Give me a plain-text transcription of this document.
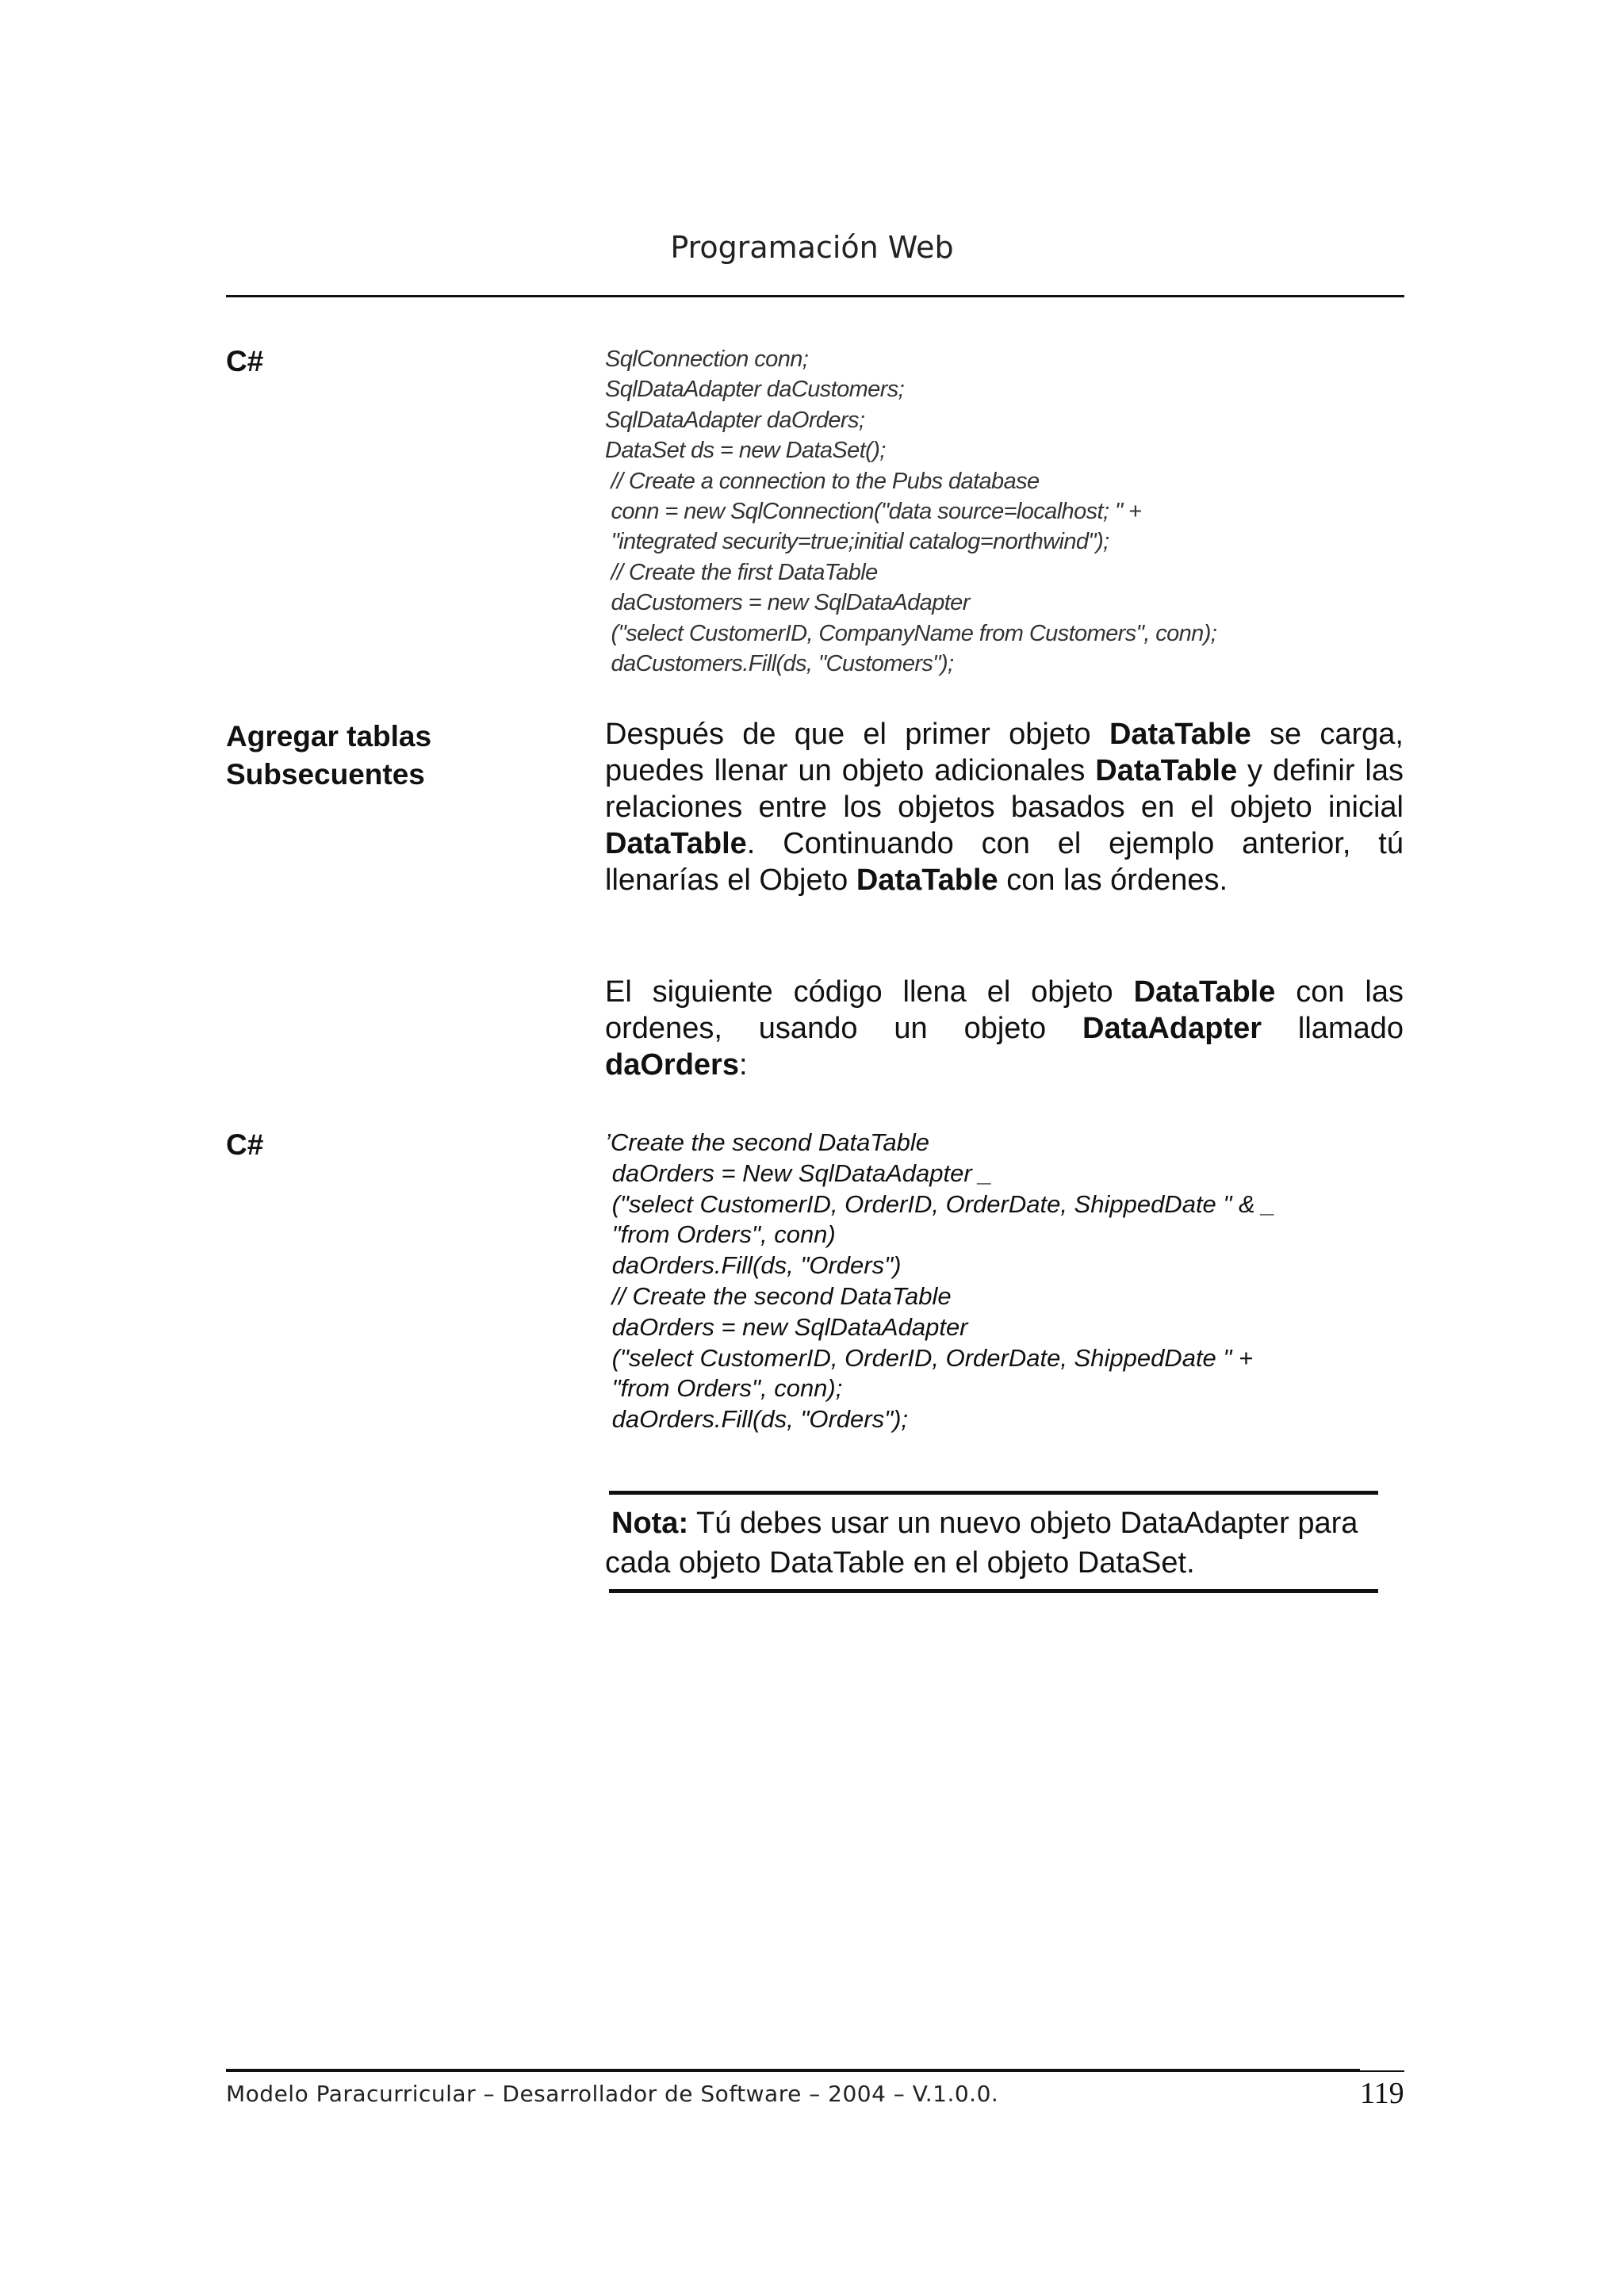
Programación Web
C#
Agregar tablas
Subsecuentes
C#
SqlConnection conn;
SqlDataAdapter daCustomers;
SqlDataAdapter daOrders;
DataSet ds = new DataSet();
// Create a connection to the Pubs database
conn = new SqlConnection("data source=localhost; " +
"integrated security=true;initial catalog=northwind");
// Create the first DataTable
daCustomers = new SqlDataAdapter
("select CustomerID, CompanyName from Customers", conn);
daCustomers.Fill(ds, "Customers");
Después de que el primer objeto DataTable se carga, puedes llenar un objeto adicionales DataTable y definir las relaciones entre los objetos basados en el objeto inicial DataTable. Continuando con el ejemplo anterior, tú llenarías el Objeto DataTable con las órdenes.
El siguiente código llena el objeto DataTable con las ordenes, usando un objeto DataAdapter llamado daOrders:
’Create the second DataTable
daOrders = New SqlDataAdapter _
("select CustomerID, OrderID, OrderDate, ShippedDate " & _
"from Orders", conn)
daOrders.Fill(ds, "Orders")
// Create the second DataTable
daOrders = new SqlDataAdapter
("select CustomerID, OrderID, OrderDate, ShippedDate " +
"from Orders", conn);
daOrders.Fill(ds, "Orders");
Nota: Tú debes usar un nuevo objeto DataAdapter para cada objeto DataTable en el objeto DataSet.
Modelo Paracurricular – Desarrollador de Software – 2004 – V.1.0.0.	119
